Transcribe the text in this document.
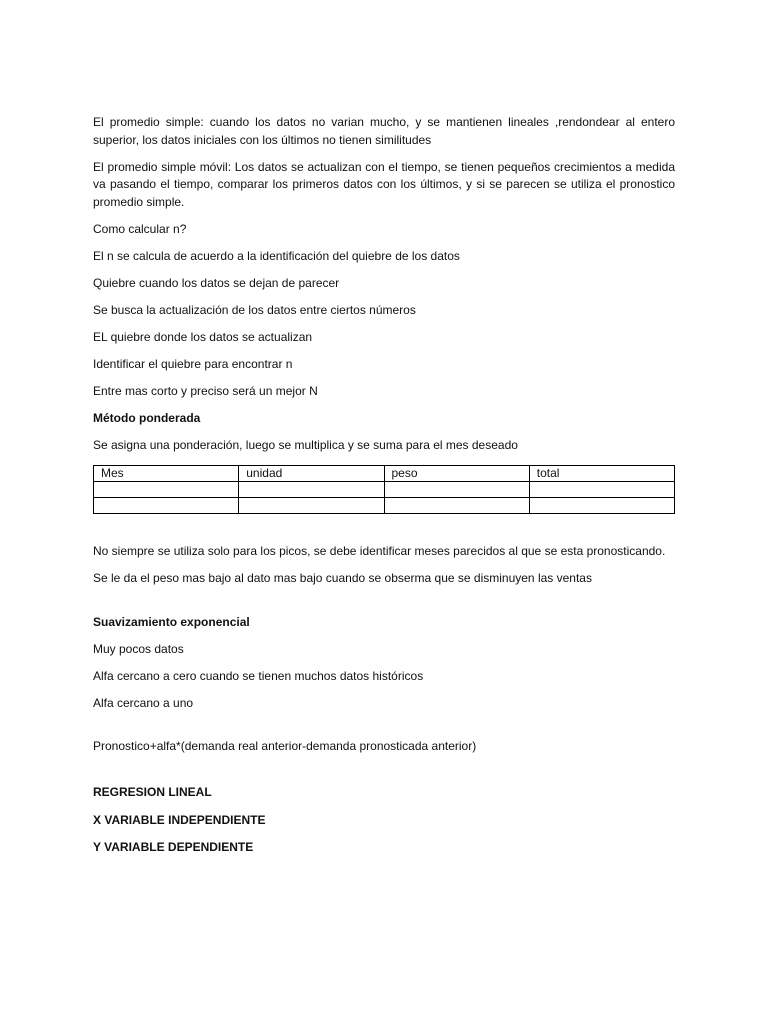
El promedio simple: cuando los datos no varian mucho, y se mantienen lineales ,rendondear al entero superior, los datos iniciales con los últimos no tienen similitudes

El promedio simple móvil: Los datos se actualizan con el tiempo, se tienen pequeños crecimientos a medida va pasando el tiempo, comparar los primeros datos con los últimos, y si se parecen se utiliza el pronostico promedio simple.

Como calcular n?

El n se calcula de acuerdo a la identificación del quiebre de los datos

Quiebre cuando los datos se dejan de parecer

Se busca la actualización de los datos entre ciertos números

EL quiebre donde los datos se actualizan

Identificar el quiebre para encontrar n

Entre mas corto y preciso será un mejor N

Método ponderada

Se asigna una ponderación, luego se multiplica y se suma para el mes deseado

Mes	unidad	peso	total

No siempre se utiliza solo para los picos, se debe identificar meses parecidos al que se esta pronosticando.

Se le da el peso mas bajo al dato mas bajo cuando se obserma que se disminuyen las ventas

Suavizamiento exponencial

Muy pocos datos

Alfa cercano a cero cuando se tienen muchos datos históricos

Alfa cercano a uno

Pronostico+alfa*(demanda real anterior-demanda pronosticada anterior)

REGRESION LINEAL

X VARIABLE INDEPENDIENTE

Y VARIABLE DEPENDIENTE
